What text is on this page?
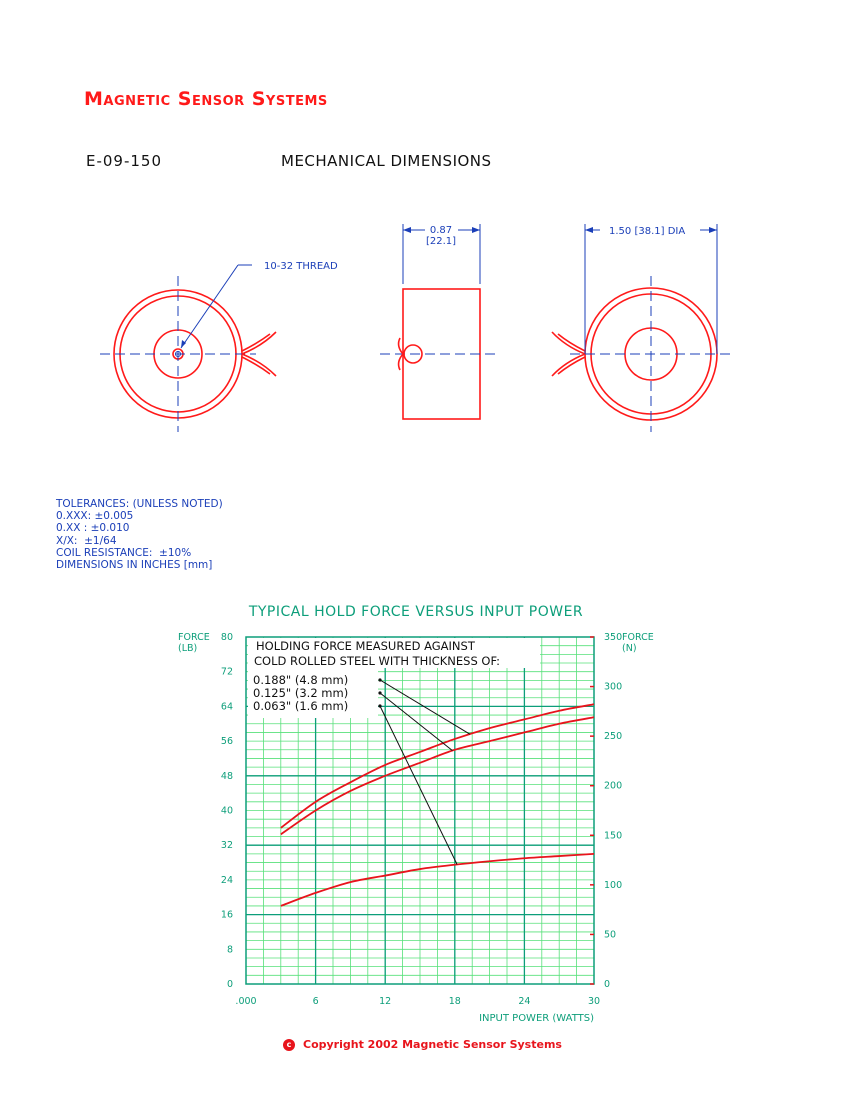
Magnetic Sensor Systems
E-09-150	MECHANICAL DIMENSIONS
10-32 THREAD
0.87
[22.1]
1.50 [38.1] DIA
TOLERANCES: (UNLESS NOTED)
0.XXX: ±0.005
0.XX : ±0.010
X/X:  ±1/64
COIL RESISTANCE:  ±10%
DIMENSIONS IN INCHES [mm]
TYPICAL HOLD FORCE VERSUS INPUT POWER
.000	6	12	18	24	30
0
8
16
24
32
40
48
56
64
72
80
0
50
100
150
200
250
300
350
HOLDING FORCE MEASURED AGAINST
COLD ROLLED STEEL WITH THICKNESS OF:
0.188" (4.8 mm)
0.125" (3.2 mm)
0.063" (1.6 mm)
FORCE (LB)
FORCE (N)
INPUT POWER (WATTS)
c Copyright 2002 Magnetic Sensor Systems
